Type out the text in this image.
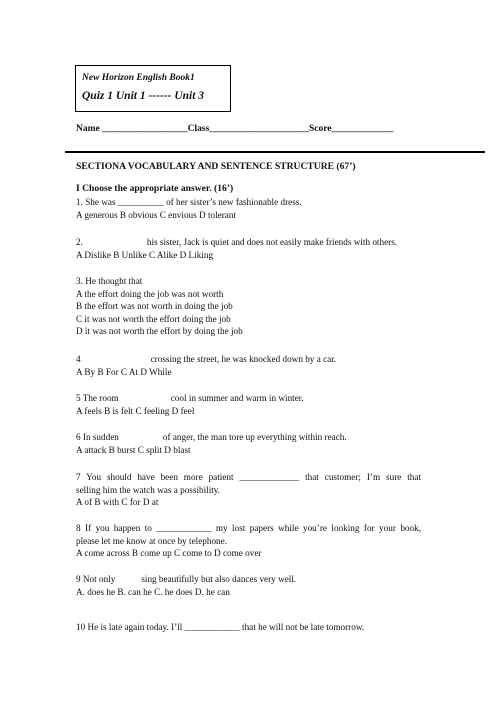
New Horizon English Book1
Quiz 1 Unit 1 ------ Unit 3
Name __________________Class_____________________Score_____________
SECTIONA VOCABULARY AND SENTENCE STRUCTURE (67’)
I Choose the appropriate answer. (16’)
1. She was __________ of her sister’s new fashionable dress.
A generous B obvious C envious D tolerant
2.	his sister, Jack is quiet and does not easily make friends with others.
A Dislike B Unlike C Alike D Liking
3. He thought that
A the effort doing the job was not worth
B the effort was not worth in doing the job
C it was not worth the effort doing the job
D it was not worth the effort by doing the job
4	crossing the street, he was knocked down by a car.
A By B For C At D While
5 The room	cool in summer and warm in winter.
A feels B is felt C feeling D feel
6 In sudden	of anger, the man tore up everything within reach.
A attack B burst C split D blast
7 You should have been more patient _____________ that customer; I’m sure that
selling him the watch was a possibility.
A of B with C for D at
8 If you happen to ____________ my lost papers while you’re looking for your book,
please let me know at once by telephone.
A come across B come up C come to D come over
9 Not only	sing beautifully but also dances very well.
A. does he B. can he C. he does D. he can
10 He is late again today. I’ll ____________ that he will not be late tomorrow.
